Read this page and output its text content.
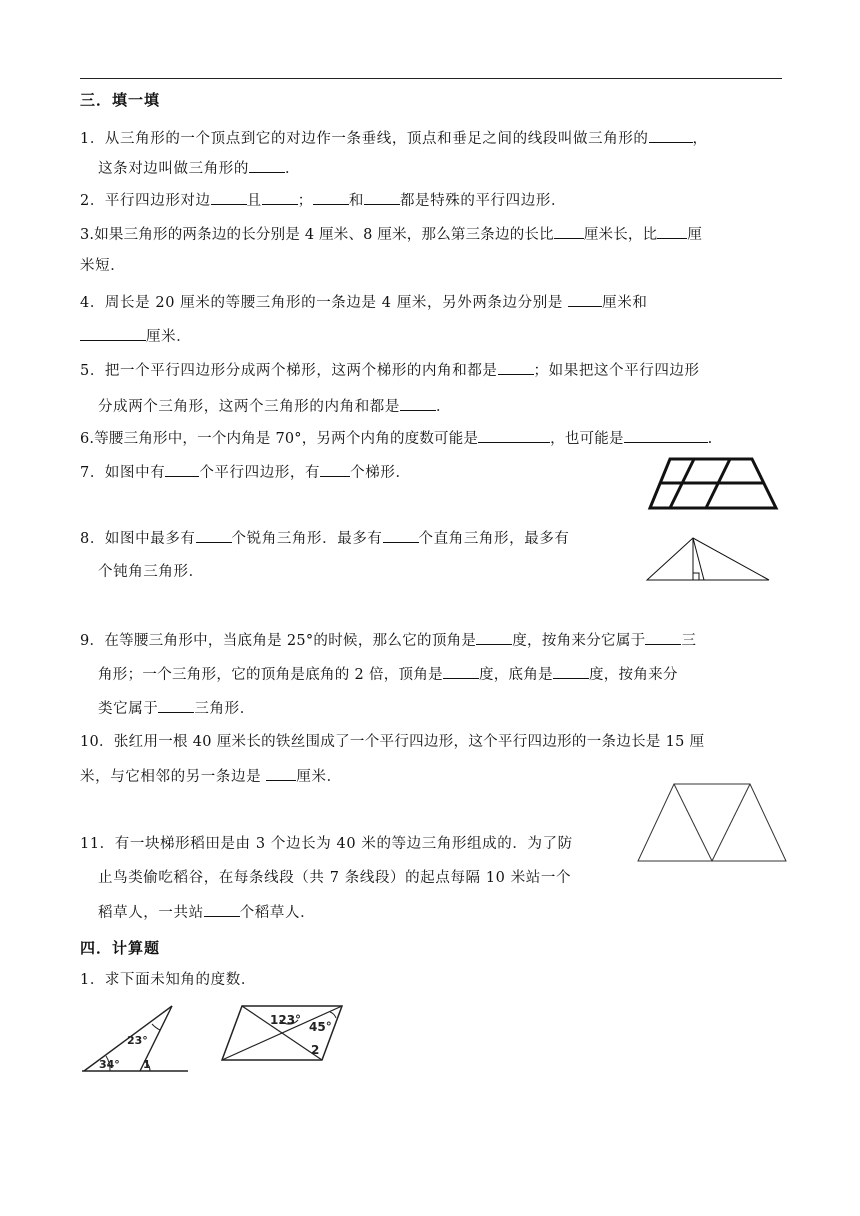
三．填一填
1．从三角形的一个顶点到它的对边作一条垂线，顶点和垂足之间的线段叫做三角形的	，
这条对边叫做三角形的 ．
2．平行四边形对边 且 ； 和 都是特殊的平行四边形．
3.如果三角形的两条边的长分别是 4 厘米、8 厘米，那么第三条边的长比 厘米长，比 厘
米短．
4．周长是 20 厘米的等腰三角形的一条边是 4 厘米，另外两条边分别是	厘米和
厘米．
5．把一个平行四边形分成两个梯形，这两个梯形的内角和都是 ；如果把这个平行四边形
分成两个三角形，这两个三角形的内角和都是 ．
6.等腰三角形中，一个内角是 70°，另两个内角的度数可能是	，也可能是	.
7．如图中有 个平行四边形，有 个梯形．
8．如图中最多有 个锐角三角形．最多有 个直角三角形，最多有
个钝角三角形．
9．在等腰三角形中，当底角是 25°的时候，那么它的顶角是 度，按角来分它属于 三
角形；一个三角形，它的顶角是底角的 2 倍，顶角是 度，底角是 度，按角来分
类它属于 三角形．
10．张红用一根 40 厘米长的铁丝围成了一个平行四边形，这个平行四边形的一条边长是 15 厘
米，与它相邻的另一条边是 厘米．
11．有一块梯形稻田是由 3 个边长为 40 米的等边三角形组成的．为了防
止鸟类偷吃稻谷，在每条线段（共 7 条线段）的起点每隔 10 米站一个
稻草人，一共站 个稻草人．
四．计算题
1．求下面未知角的度数．
23°
34° 1
123° 45°
2
